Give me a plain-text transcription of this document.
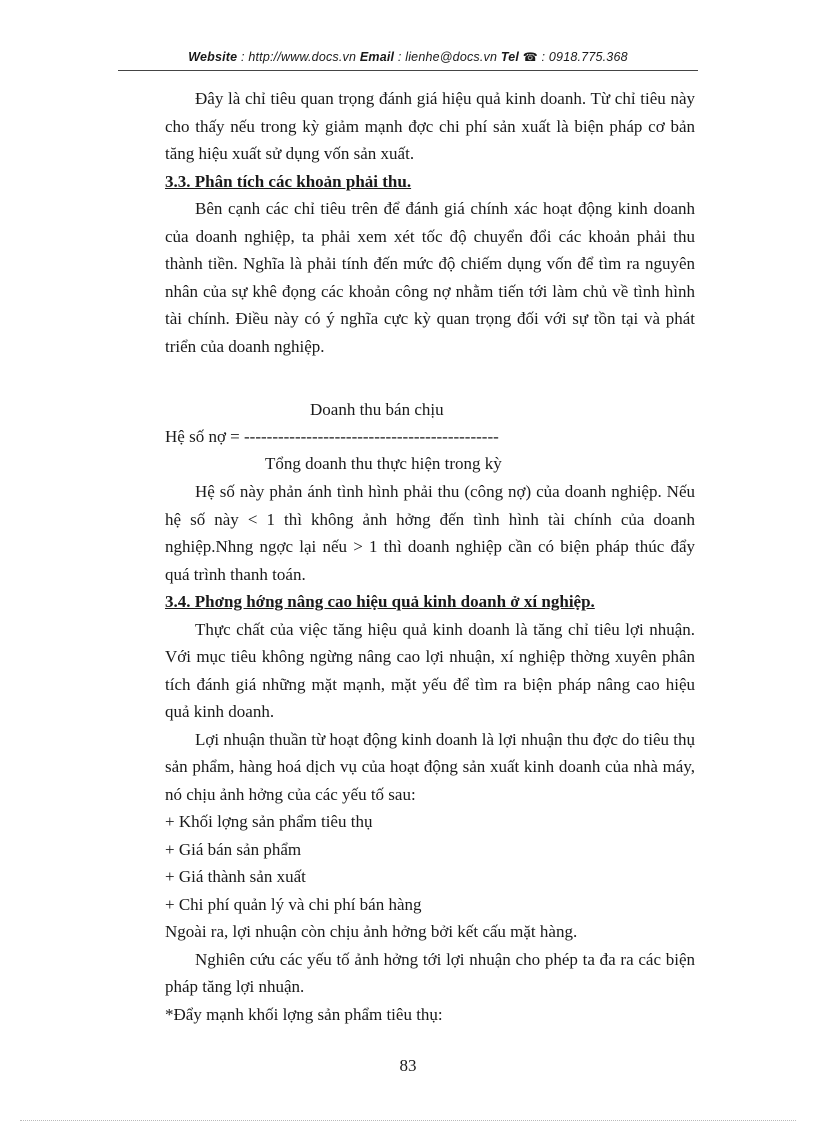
Website : http://www.docs.vn Email : lienhe@docs.vn Tel ☎ : 0918.775.368

Đây là chỉ tiêu quan trọng đánh giá hiệu quả kinh doanh. Từ chỉ tiêu này cho thấy nếu trong kỳ giảm mạnh đợc chi phí sản xuất là biện pháp cơ bản tăng hiệu xuất sử dụng vốn sản xuất.

3.3. Phân tích các khoản phải thu.

Bên cạnh các chỉ tiêu trên để đánh giá chính xác hoạt động kinh doanh của doanh nghiệp, ta phải xem xét tốc độ chuyển đổi các khoản phải thu thành tiền. Nghĩa là phải tính đến mức độ chiếm dụng vốn để tìm ra nguyên nhân của sự khê đọng các khoản công nợ nhằm tiến tới làm chủ về tình hình tài chính. Điều này có ý nghĩa cực kỳ quan trọng đối với sự tồn tại và phát triển của doanh nghiệp.

Doanh thu bán chịu
Hệ số nợ = ---------------------------------------------
Tổng doanh thu thực hiện trong kỳ

Hệ số này phản ánh tình hình phải thu (công nợ) của doanh nghiệp. Nếu hệ số này < 1 thì không ảnh hởng đến tình hình tài chính của doanh nghiệp.Nhng ngợc lại nếu > 1 thì doanh nghiệp cần có biện pháp thúc đẩy quá trình thanh toán.

3.4. Phơng hớng nâng cao hiệu quả kinh doanh ở xí nghiệp.

Thực chất của việc tăng hiệu quả kinh doanh là tăng chỉ tiêu lợi nhuận. Với mục tiêu không ngừng nâng cao lợi nhuận, xí nghiệp thờng xuyên phân tích đánh giá những mặt mạnh, mặt yếu để tìm ra biện pháp nâng cao hiệu quả kinh doanh.

Lợi nhuận thuần từ hoạt động kinh doanh là lợi nhuận thu đợc do tiêu thụ sản phẩm, hàng hoá dịch vụ của hoạt động sản xuất kinh doanh của nhà máy, nó chịu ảnh hởng của các yếu tố sau:

+ Khối lợng sản phẩm tiêu thụ

+ Giá bán sản phẩm

+ Giá thành sản xuất

+ Chi phí quản lý và chi phí bán hàng

Ngoài ra, lợi nhuận còn chịu ảnh hởng bởi kết cấu mặt hàng.

Nghiên cứu các yếu tố ảnh hởng tới lợi nhuận cho phép ta đa ra các biện pháp tăng lợi nhuận.

*Đẩy mạnh khối lợng sản phẩm tiêu thụ:

83
